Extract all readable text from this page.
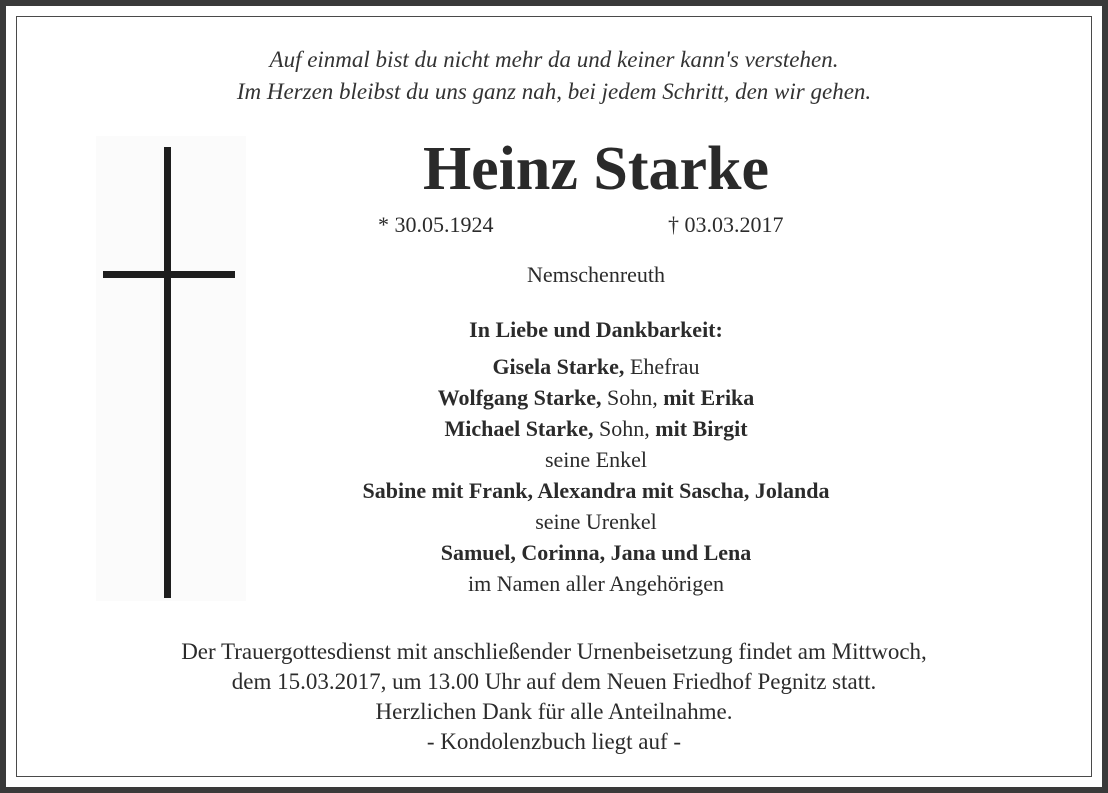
Auf einmal bist du nicht mehr da und keiner kann's verstehen.
Im Herzen bleibst du uns ganz nah, bei jedem Schritt, den wir gehen.
Heinz Starke
* 30.05.1924	† 03.03.2017
Nemschenreuth
In Liebe und Dankbarkeit:
Gisela Starke, Ehefrau
Wolfgang Starke, Sohn, mit Erika
Michael Starke, Sohn, mit Birgit
seine Enkel
Sabine mit Frank, Alexandra mit Sascha, Jolanda
seine Urenkel
Samuel, Corinna, Jana und Lena
im Namen aller Angehörigen
Der Trauergottesdienst mit anschließender Urnenbeisetzung findet am Mittwoch,
dem 15.03.2017, um 13.00 Uhr auf dem Neuen Friedhof Pegnitz statt.
Herzlichen Dank für alle Anteilnahme.
- Kondolenzbuch liegt auf -
